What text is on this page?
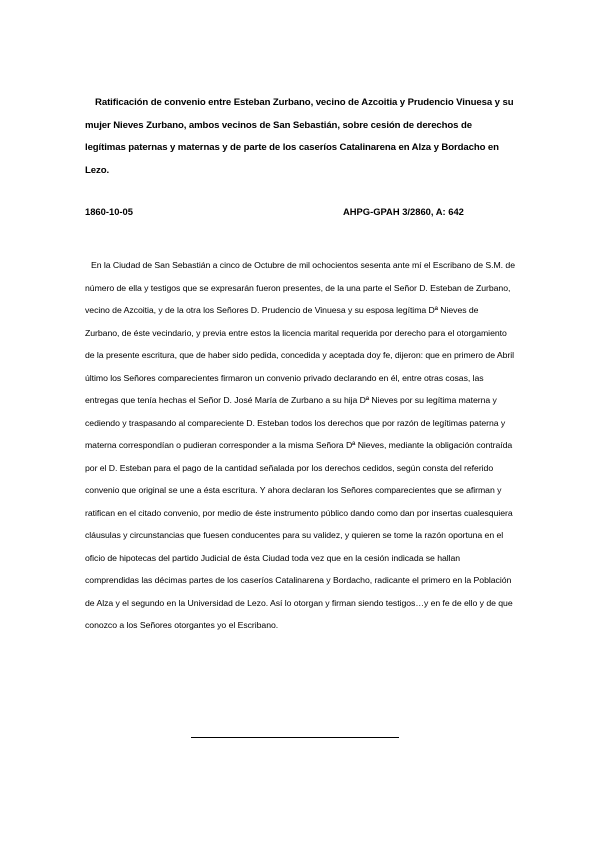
Ratificación de convenio entre Esteban Zurbano, vecino de Azcoitia y Prudencio Vinuesa y su mujer Nieves Zurbano, ambos vecinos de San Sebastián, sobre cesión de derechos de legítimas paternas y maternas y de parte de los caseríos Catalinarena en Alza y Bordacho en Lezo.
1860-10-05	AHPG-GPAH 3/2860, A: 642
En la Ciudad de San Sebastián a cinco de Octubre de mil ochocientos sesenta ante mí el Escribano de S.M. de número de ella y testigos que se expresarán fueron presentes, de la una parte el Señor D. Esteban de Zurbano, vecino de Azcoitia, y de la otra los Señores D. Prudencio de Vinuesa y su esposa legítima Dª Nieves de Zurbano, de éste vecindario, y previa entre estos la licencia marital requerida por derecho para el otorgamiento de la presente escritura, que de haber sido pedida, concedida y aceptada doy fe, dijeron: que en primero de Abril último los Señores comparecientes firmaron un convenio privado declarando en él, entre otras cosas, las entregas que tenía hechas el Señor D. José María de Zurbano a su hija Dª Nieves por su legítima materna y cediendo y traspasando al compareciente D. Esteban todos los derechos que por razón de legítimas paterna y materna correspondían o pudieran corresponder a la misma Señora Dª Nieves, mediante la obligación contraída por el D. Esteban para el pago de la cantidad señalada por los derechos cedidos, según consta del referido convenio que original se une a ésta escritura. Y ahora declaran los Señores comparecientes que se afirman y ratifican en el citado convenio, por medio de éste instrumento público dando como dan por insertas cualesquiera cláusulas y circunstancias que fuesen conducentes para su validez, y quieren se tome la razón oportuna en el oficio de hipotecas del partido Judicial de ésta Ciudad toda vez que en la cesión indicada se hallan comprendidas las décimas partes de los caseríos Catalinarena y Bordacho, radicante el primero en la Población de Alza y el segundo en la Universidad de Lezo. Así lo otorgan y firman siendo testigos…y en fe de ello y de que conozco a los Señores otorgantes yo el Escribano.
